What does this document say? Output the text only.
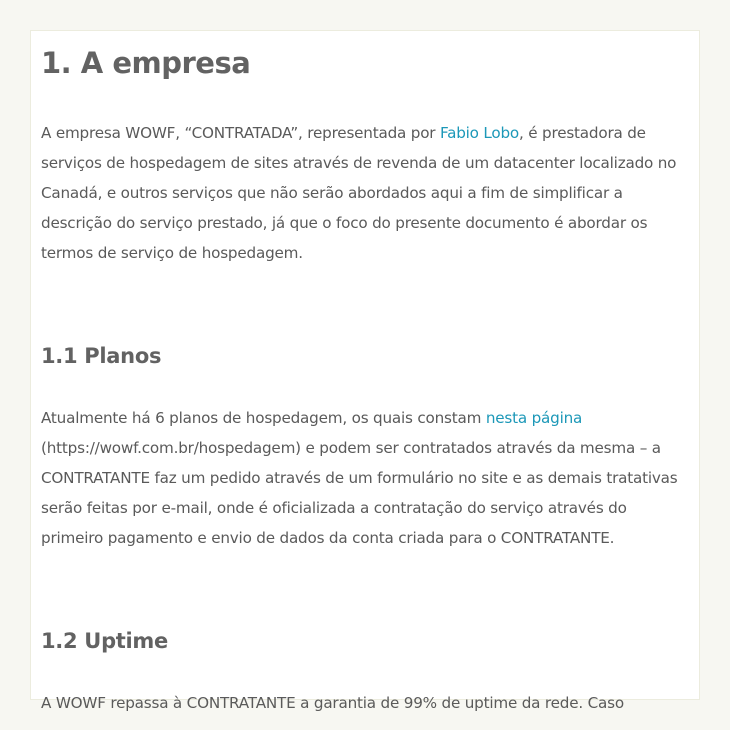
1. A empresa

A empresa WOWF, “CONTRATADA”, representada por Fabio Lobo, é prestadora de serviços de hospedagem de sites através de revenda de um datacenter localizado no Canadá, e outros serviços que não serão abordados aqui a fim de simplificar a descrição do serviço prestado, já que o foco do presente documento é abordar os termos de serviço de hospedagem.

1.1 Planos

Atualmente há 6 planos de hospedagem, os quais constam nesta página (https://wowf.com.br/hospedagem) e podem ser contratados através da mesma – a CONTRATANTE faz um pedido através de um formulário no site e as demais tratativas serão feitas por e-mail, onde é oficializada a contratação do serviço através do primeiro pagamento e envio de dados da conta criada para o CONTRATANTE.

1.2 Uptime

A WOWF repassa à CONTRATANTE a garantia de 99% de uptime da rede. Caso
